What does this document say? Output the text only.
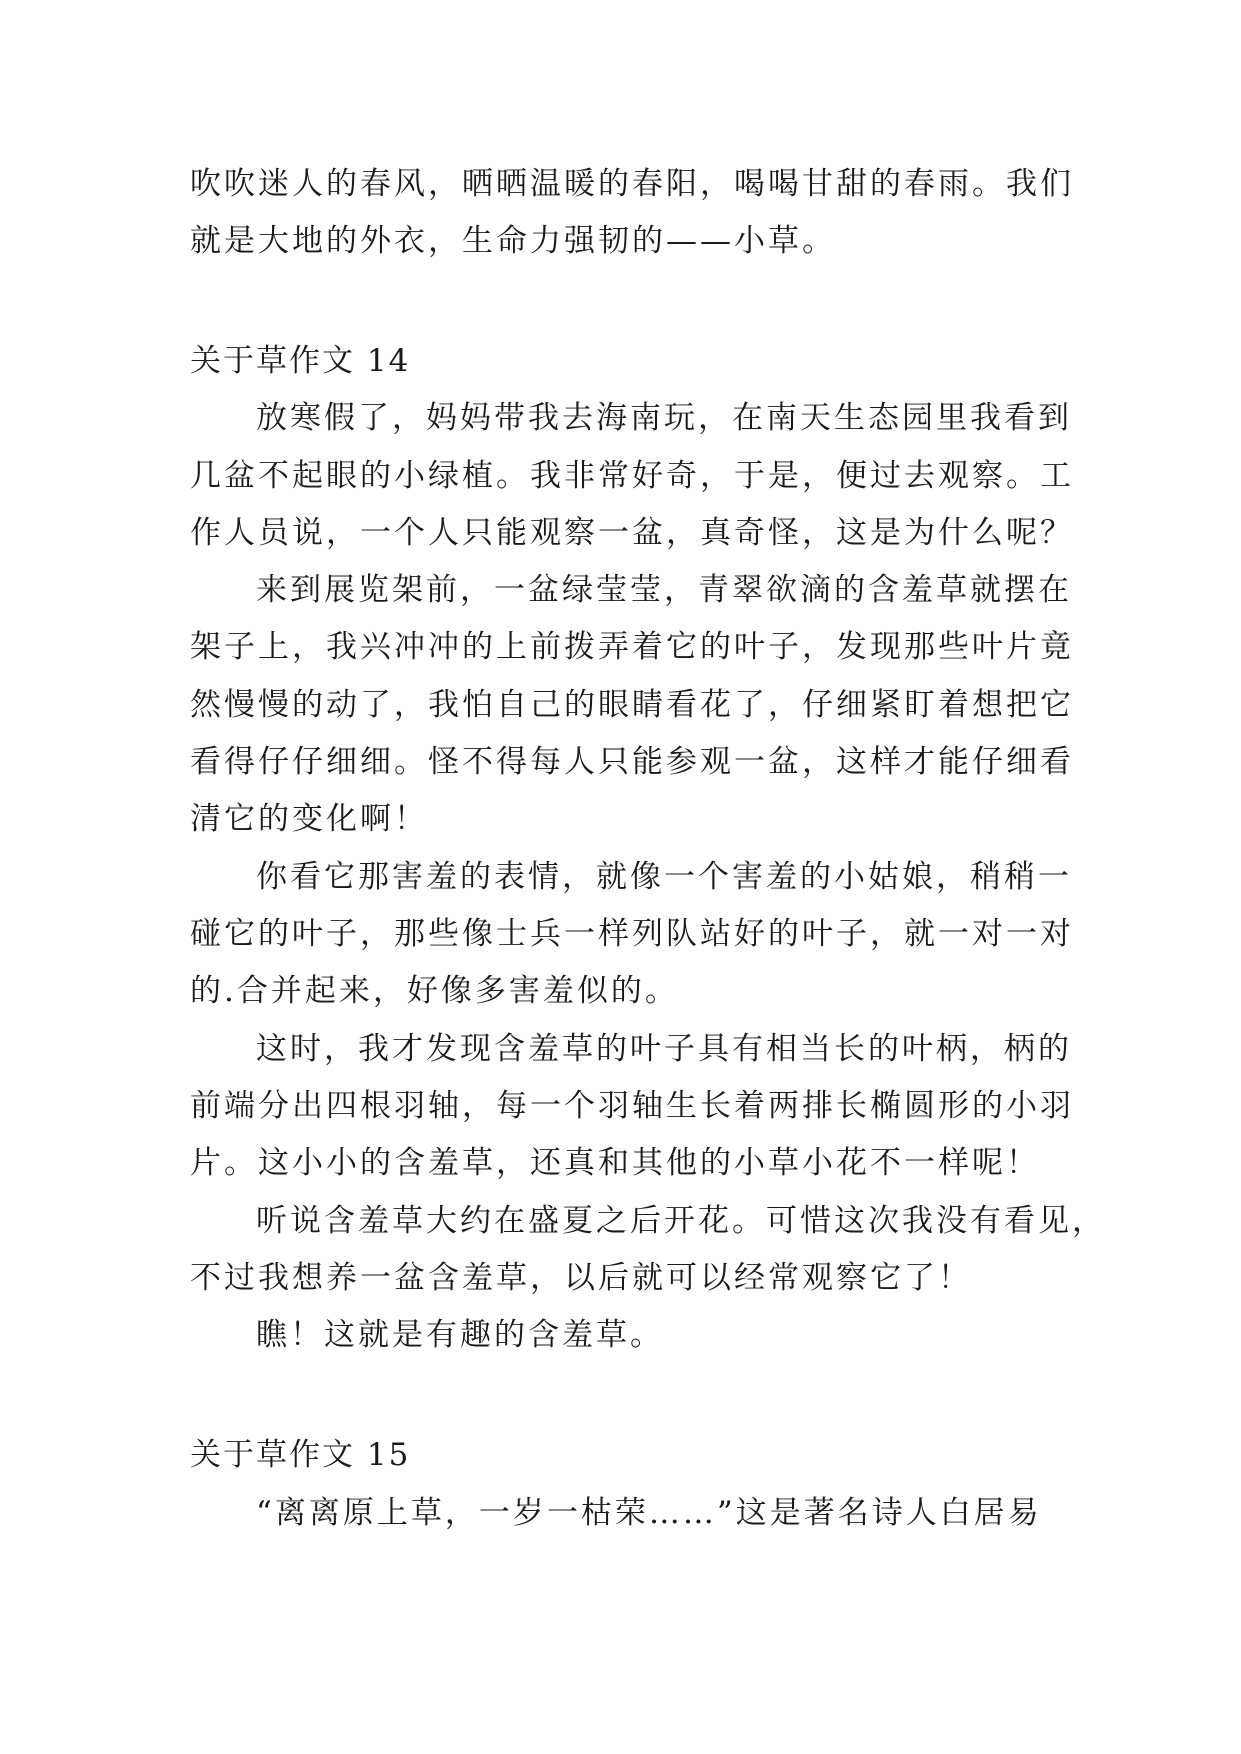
吹吹迷人的春风，晒晒温暖的春阳，喝喝甘甜的春雨。我们
就是大地的外衣，生命力强韧的——小草。
关于草作文 14
放寒假了，妈妈带我去海南玩，在南天生态园里我看到
几盆不起眼的小绿植。我非常好奇，于是，便过去观察。工
作人员说，一个人只能观察一盆，真奇怪，这是为什么呢？
来到展览架前，一盆绿莹莹，青翠欲滴的含羞草就摆在
架子上，我兴冲冲的上前拨弄着它的叶子，发现那些叶片竟
然慢慢的动了，我怕自己的眼睛看花了，仔细紧盯着想把它
看得仔仔细细。怪不得每人只能参观一盆，这样才能仔细看
清它的变化啊！
你看它那害羞的表情，就像一个害羞的小姑娘，稍稍一
碰它的叶子，那些像士兵一样列队站好的叶子，就一对一对
的.合并起来，好像多害羞似的。
这时，我才发现含羞草的叶子具有相当长的叶柄，柄的
前端分出四根羽轴，每一个羽轴生长着两排长椭圆形的小羽
片。这小小的含羞草，还真和其他的小草小花不一样呢！
听说含羞草大约在盛夏之后开花。可惜这次我没有看见，
不过我想养一盆含羞草，以后就可以经常观察它了！
瞧！这就是有趣的含羞草。
关于草作文 15
“离离原上草，一岁一枯荣……”这是著名诗人白居易
